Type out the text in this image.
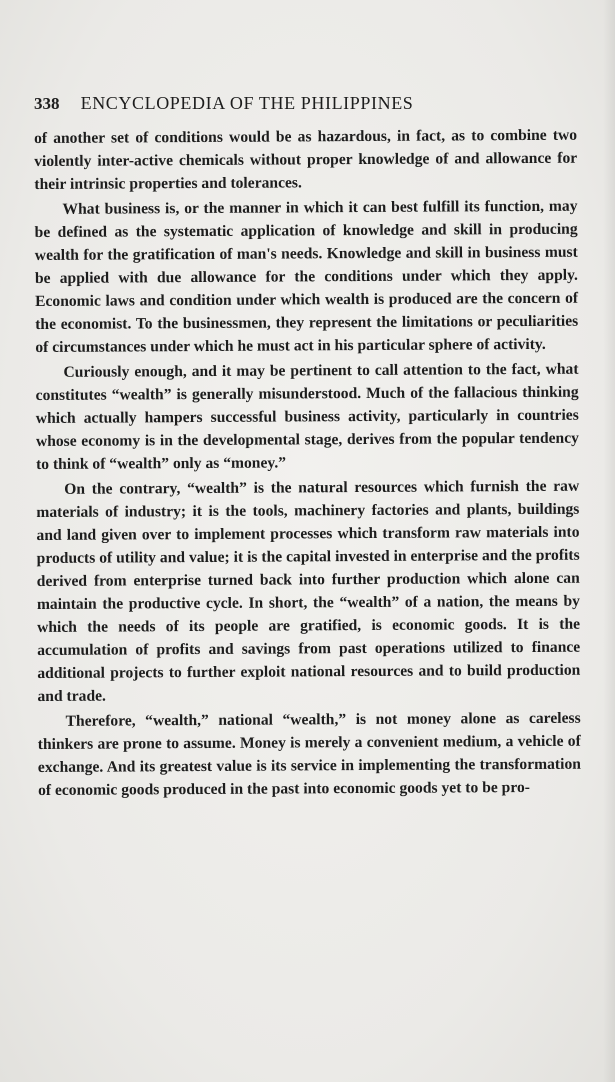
338 ENCYCLOPEDIA OF THE PHILIPPINES

of another set of conditions would be as hazardous, in fact, as to combine two violently inter-active chemicals without proper knowledge of and allowance for their intrinsic properties and tolerances.

What business is, or the manner in which it can best fulfill its function, may be defined as the systematic application of knowledge and skill in producing wealth for the gratification of man's needs. Knowledge and skill in business must be applied with due allowance for the conditions under which they apply. Economic laws and condition under which wealth is produced are the concern of the economist. To the businessmen, they represent the limitations or peculiarities of circumstances under which he must act in his particular sphere of activity.

Curiously enough, and it may be pertinent to call attention to the fact, what constitutes “wealth” is generally misunderstood. Much of the fallacious thinking which actually hampers successful business activity, particularly in countries whose economy is in the developmental stage, derives from the popular tendency to think of “wealth” only as “money.”

On the contrary, “wealth” is the natural resources which furnish the raw materials of industry; it is the tools, machinery factories and plants, buildings and land given over to implement processes which transform raw materials into products of utility and value; it is the capital invested in enterprise and the profits derived from enterprise turned back into further production which alone can maintain the productive cycle. In short, the “wealth” of a nation, the means by which the needs of its people are gratified, is economic goods. It is the accumulation of profits and savings from past operations utilized to finance additional projects to further exploit national resources and to build production and trade.

Therefore, “wealth,” national “wealth,” is not money alone as careless thinkers are prone to assume. Money is merely a convenient medium, a vehicle of exchange. And its greatest value is its service in implementing the transformation of economic goods produced in the past into economic goods yet to be pro-
